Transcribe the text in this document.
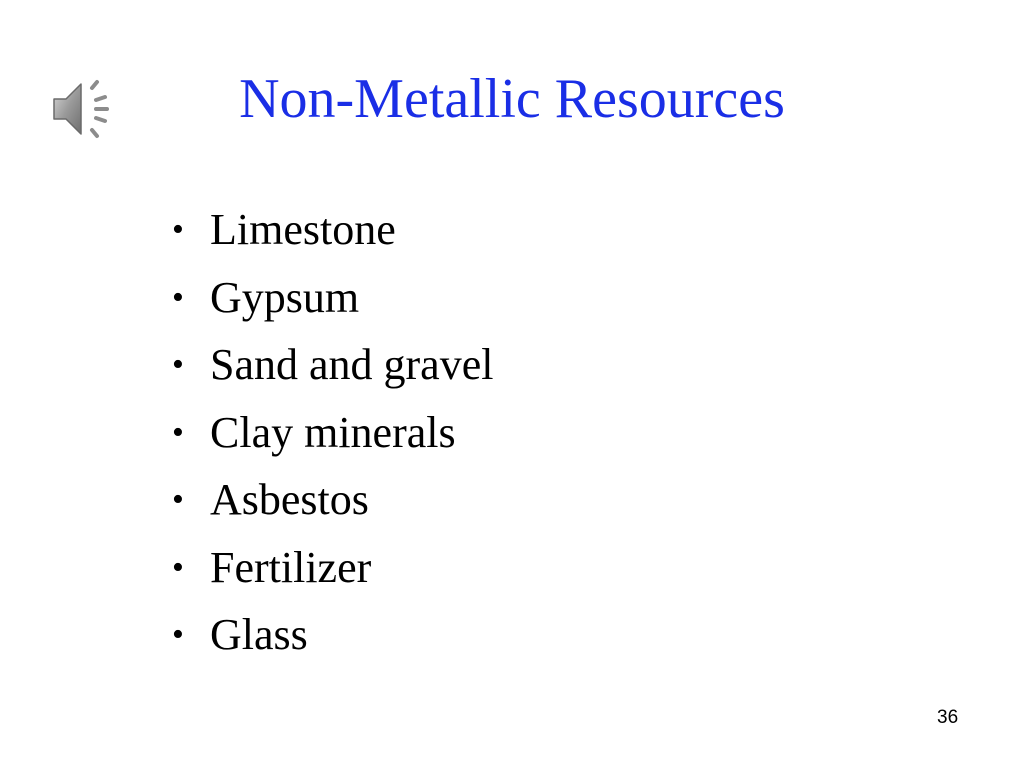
Non-Metallic Resources
• Limestone
• Gypsum
• Sand and gravel
• Clay minerals
• Asbestos
• Fertilizer
• Glass
36
